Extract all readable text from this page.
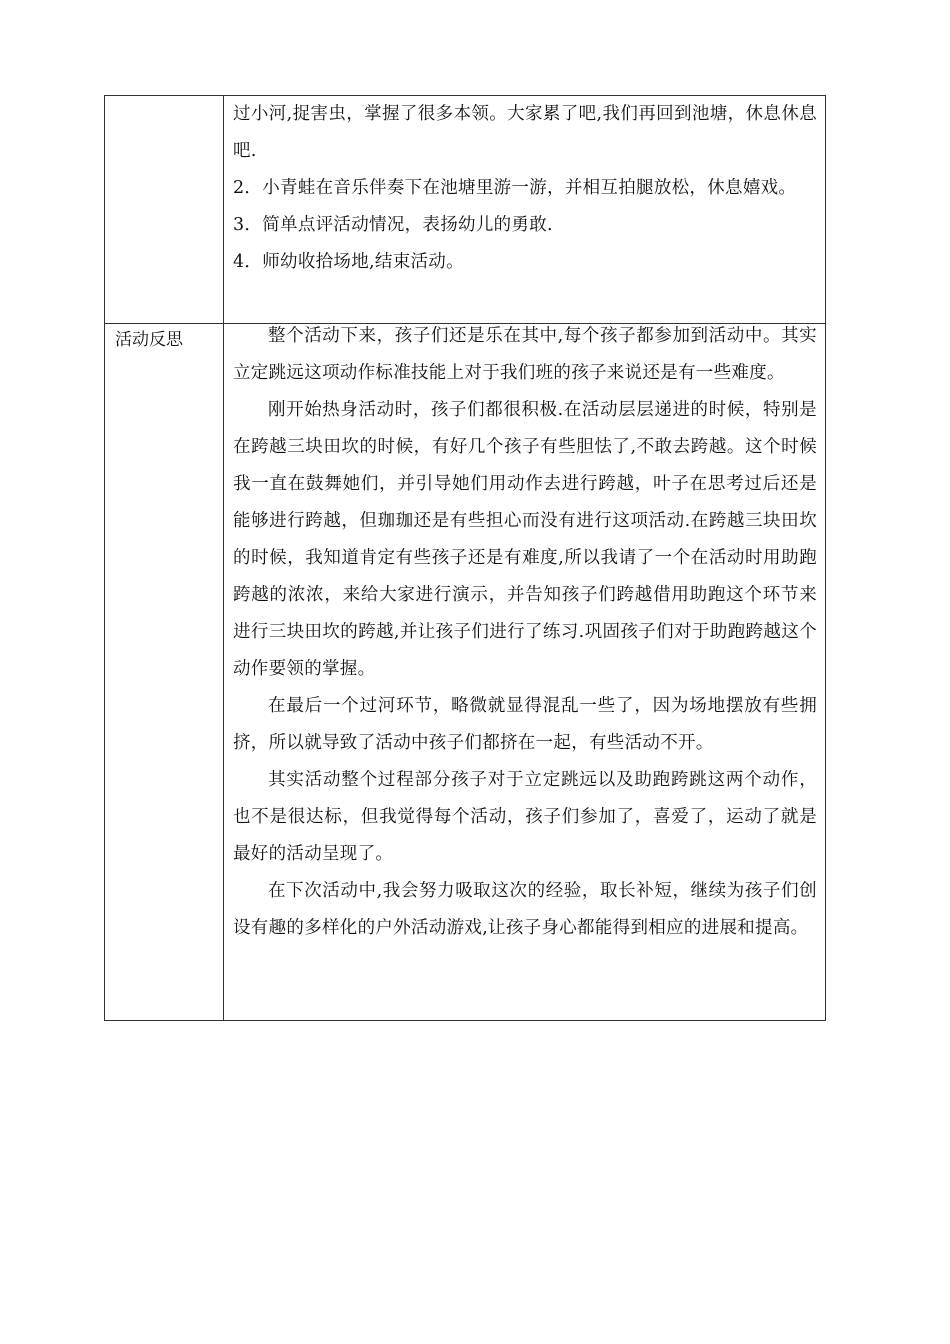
过小河,捉害虫，掌握了很多本领。大家累了吧,我们再回到池塘，休息休息吧.

2．小青蛙在音乐伴奏下在池塘里游一游，并相互拍腿放松，休息嬉戏。

3．简单点评活动情况，表扬幼儿的勇敢.

4．师幼收拾场地,结束活动。

活动反思	整个活动下来，孩子们还是乐在其中,每个孩子都参加到活动中。其实立定跳远这项动作标准技能上对于我们班的孩子来说还是有一些难度。

刚开始热身活动时，孩子们都很积极.在活动层层递进的时候，特别是在跨越三块田坎的时候，有好几个孩子有些胆怯了,不敢去跨越。这个时候我一直在鼓舞她们，并引导她们用动作去进行跨越，叶子在思考过后还是能够进行跨越，但珈珈还是有些担心而没有进行这项活动.在跨越三块田坎的时候，我知道肯定有些孩子还是有难度,所以我请了一个在活动时用助跑跨越的浓浓，来给大家进行演示，并告知孩子们跨越借用助跑这个环节来进行三块田坎的跨越,并让孩子们进行了练习.巩固孩子们对于助跑跨越这个动作要领的掌握。

在最后一个过河环节，略微就显得混乱一些了，因为场地摆放有些拥挤，所以就导致了活动中孩子们都挤在一起，有些活动不开。

其实活动整个过程部分孩子对于立定跳远以及助跑跨跳这两个动作，也不是很达标，但我觉得每个活动，孩子们参加了，喜爱了，运动了就是最好的活动呈现了。

在下次活动中,我会努力吸取这次的经验，取长补短，继续为孩子们创设有趣的多样化的户外活动游戏,让孩子身心都能得到相应的进展和提高。
